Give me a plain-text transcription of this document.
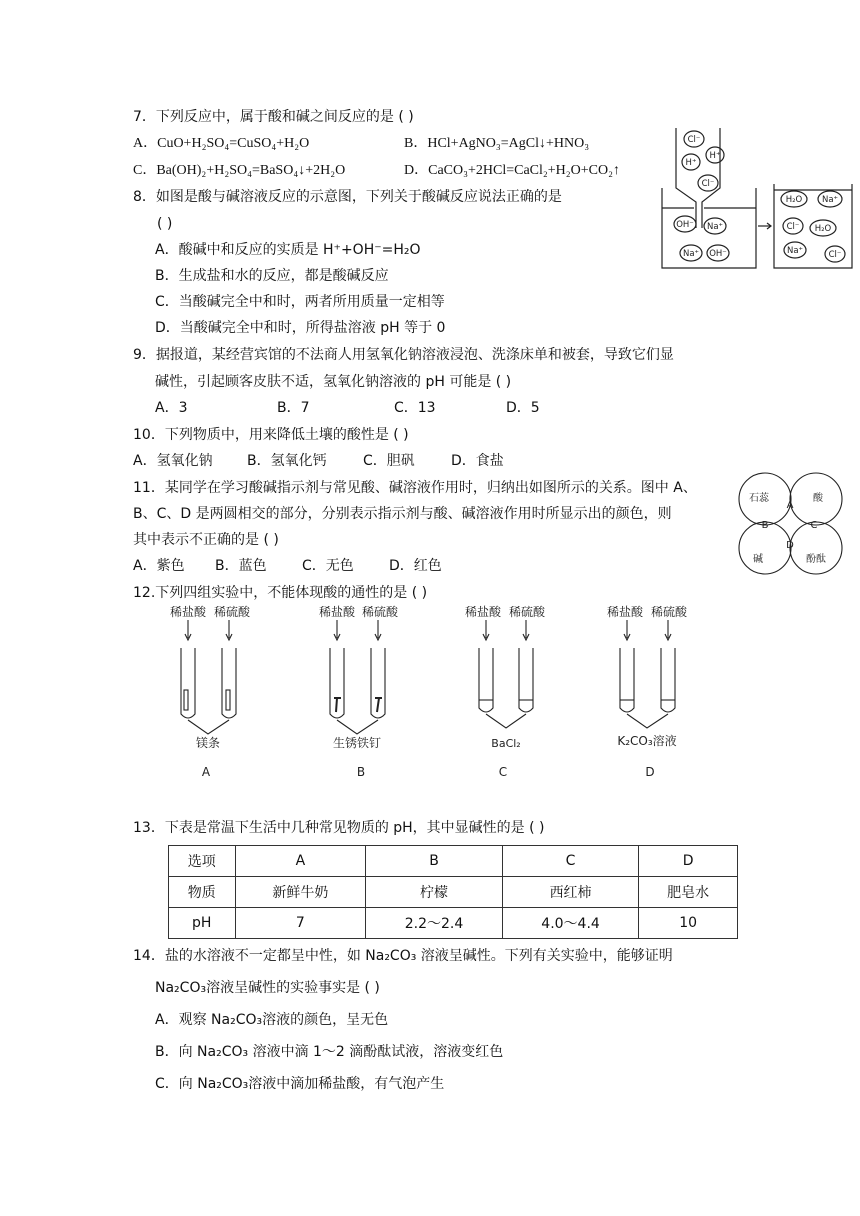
7．下列反应中，属于酸和碱之间反应的是 ( )
A．CuO+H₂SO₄=CuSO₄+H₂O	B．HCl+AgNO₃=AgCl↓+HNO₃
C．Ba(OH)₂+H₂SO₄=BaSO₄↓+2H₂O	D．CaCO₃+2HCl=CaCl₂+H₂O+CO₂↑
8．如图是酸与碱溶液反应的示意图，下列关于酸碱反应说法正确的是
( )
A．酸碱中和反应的实质是 H⁺+OH⁻=H₂O
B．生成盐和水的反应，都是酸碱反应
C．当酸碱完全中和时，两者所用质量一定相等
D．当酸碱完全中和时，所得盐溶液 pH 等于 0
Cl⁻
H⁺
H⁺
Cl⁻
OH⁻ Na⁺
Na⁺ OH⁻
H₂O Na⁺
Cl⁻ H₂O
Na⁺	Cl⁻
9．据报道，某经营宾馆的不法商人用氢氧化钠溶液浸泡、洗涤床单和被套，导致它们显
碱性，引起顾客皮肤不适，氢氧化钠溶液的 pH 可能是 ( )
A．3	B．7	C．13	D．5
10．下列物质中，用来降低土壤的酸性是 ( )
A．氢氧化钠 B．氢氧化钙	C．胆矾	D．食盐
11．某同学在学习酸碱指示剂与常见酸、碱溶液作用时，归纳出如图所示的关系。图中 A、
B、C、D 是两圆相交的部分，分别表示指示剂与酸、碱溶液作用时所显示出的颜色，则
其中表示不正确的是 ( )
A．紫色 B．蓝色	C．无色	D．红色
石蕊	酸
碱	酚酞
A
B	C
D
12.下列四组实验中，不能体现酸的通性的是 ( )
稀盐酸 稀硫酸	稀盐酸 稀硫酸	稀盐酸 稀硫酸	稀盐酸 稀硫酸
镁条	生锈铁钉	BaCl₂	K₂CO₃溶液
A	B	C	D
13．下表是常温下生活中几种常见物质的 pH，其中显碱性的是 ( )
选项	A	B	C	D
物质	新鲜牛奶	柠檬	西红柿	肥皂水
pH	7	2.2～2.4	4.0～4.4	10
14．盐的水溶液不一定都呈中性，如 Na₂CO₃ 溶液呈碱性。下列有关实验中，能够证明
Na₂CO₃溶液呈碱性的实验事实是 ( )
A．观察 Na₂CO₃溶液的颜色，呈无色
B．向 Na₂CO₃ 溶液中滴 1～2 滴酚酞试液，溶液变红色
C．向 Na₂CO₃溶液中滴加稀盐酸，有气泡产生
